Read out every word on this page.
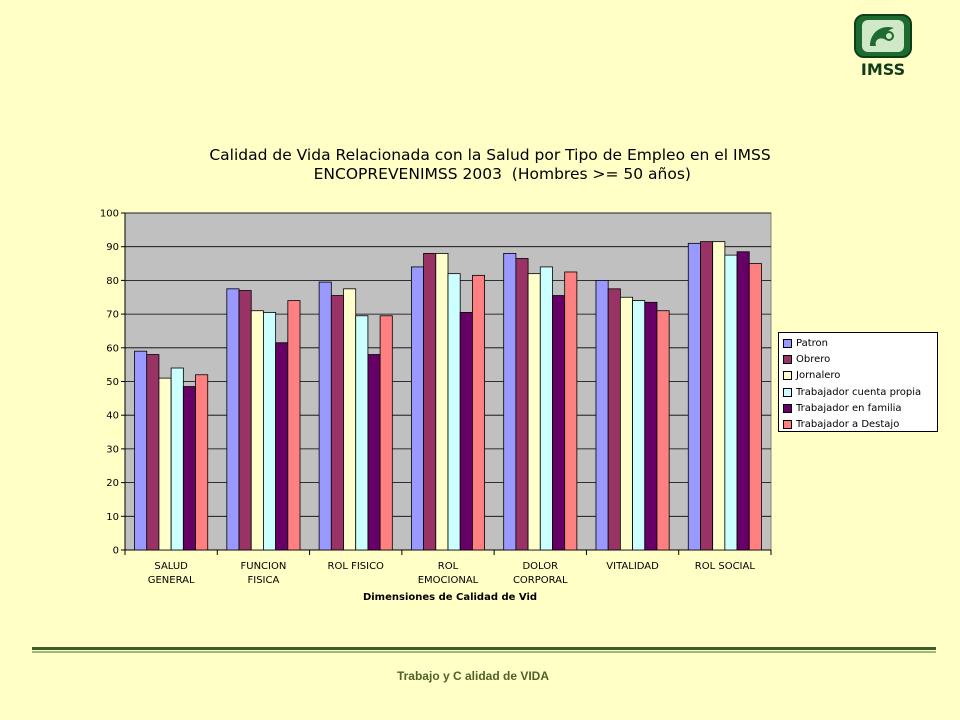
IMSS
Calidad de Vida Relacionada con la Salud por Tipo de Empleo en el IMSS
ENCOPREVENIMSS 2003  (Hombres >= 50 años)
0
10
20
30
40
50
60
70
80
90
100
SALUD
GENERAL
FUNCION
FISICA
ROL FISICO	ROL
EMOCIONAL
DOLOR
CORPORAL
VITALIDAD	ROL SOCIAL
Dimensiones de Calidad de Vid
Patron
Obrero
Jornalero
Trabajador cuenta propia
Trabajador en familia
Trabajador a Destajo
Trabajo y C alidad de VIDA
